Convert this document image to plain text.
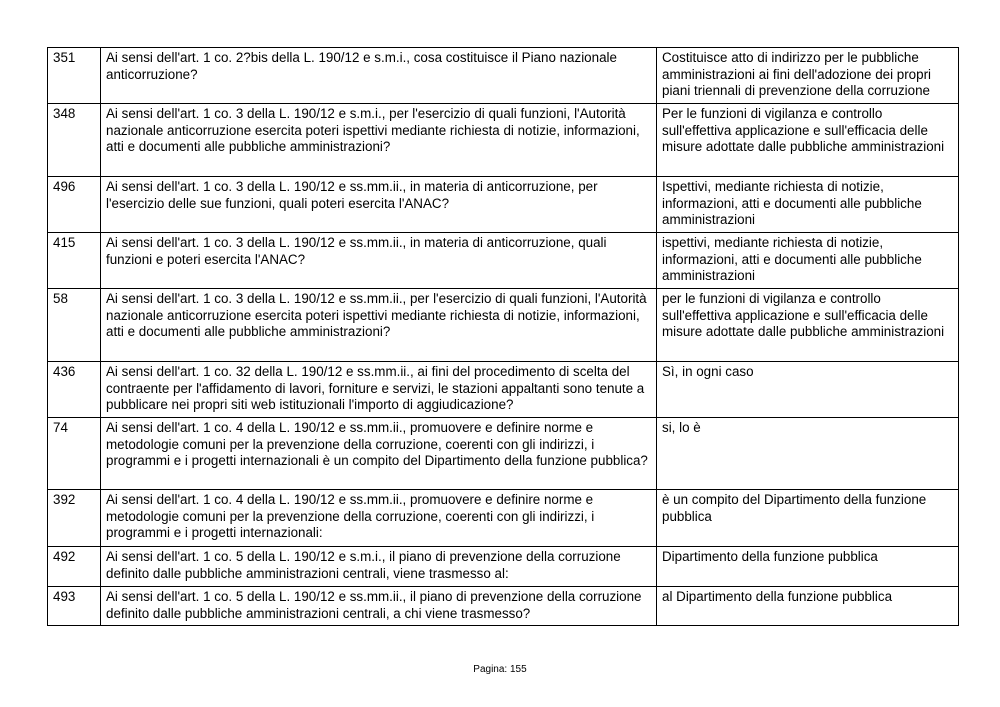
351	Ai sensi dell'art. 1 co. 2?bis della L. 190/12 e s.m.i., cosa costituisce il Piano nazionale anticorruzione?	Costituisce atto di indirizzo per le pubbliche amministrazioni ai fini dell'adozione dei propri piani triennali di prevenzione della corruzione
348	Ai sensi dell'art. 1 co. 3 della L. 190/12 e s.m.i., per l'esercizio di quali funzioni, l'Autorità nazionale anticorruzione esercita poteri ispettivi mediante richiesta di notizie, informazioni, atti e documenti alle pubbliche amministrazioni?	Per le funzioni di vigilanza e controllo sull'effettiva applicazione e sull'efficacia delle misure adottate dalle pubbliche amministrazioni
496	Ai sensi dell'art. 1 co. 3 della L. 190/12 e ss.mm.ii., in materia di anticorruzione, per l'esercizio delle sue funzioni, quali poteri esercita l'ANAC?	Ispettivi, mediante richiesta di notizie, informazioni, atti e documenti alle pubbliche amministrazioni
415	Ai sensi dell'art. 1 co. 3 della L. 190/12 e ss.mm.ii., in materia di anticorruzione, quali funzioni e poteri esercita l'ANAC?	ispettivi, mediante richiesta di notizie, informazioni, atti e documenti alle pubbliche amministrazioni
58	Ai sensi dell'art. 1 co. 3 della L. 190/12 e ss.mm.ii., per l'esercizio di quali funzioni, l'Autorità nazionale anticorruzione esercita poteri ispettivi mediante richiesta di notizie, informazioni, atti e documenti alle pubbliche amministrazioni?	per le funzioni di vigilanza e controllo sull'effettiva applicazione e sull'efficacia delle misure adottate dalle pubbliche amministrazioni
436	Ai sensi dell'art. 1 co. 32 della L. 190/12 e ss.mm.ii., ai fini del procedimento di scelta del contraente per l'affidamento di lavori, forniture e servizi, le stazioni appaltanti sono tenute a pubblicare nei propri siti web istituzionali l'importo di aggiudicazione?	Sì, in ogni caso
74	Ai sensi dell'art. 1 co. 4 della L. 190/12 e ss.mm.ii., promuovere e definire norme e metodologie comuni per la prevenzione della corruzione, coerenti con gli indirizzi, i programmi e i progetti internazionali è un compito del Dipartimento della funzione pubblica?	si, lo è
392	Ai sensi dell'art. 1 co. 4 della L. 190/12 e ss.mm.ii., promuovere e definire norme e metodologie comuni per la prevenzione della corruzione, coerenti con gli indirizzi, i programmi e i progetti internazionali:	è un compito del Dipartimento della funzione pubblica
492	Ai sensi dell'art. 1 co. 5 della L. 190/12 e s.m.i., il piano di prevenzione della corruzione definito dalle pubbliche amministrazioni centrali, viene trasmesso al:	Dipartimento della funzione pubblica
493	Ai sensi dell'art. 1 co. 5 della L. 190/12 e ss.mm.ii., il piano di prevenzione della corruzione definito dalle pubbliche amministrazioni centrali, a chi viene trasmesso?	al Dipartimento della funzione pubblica
Pagina: 155
